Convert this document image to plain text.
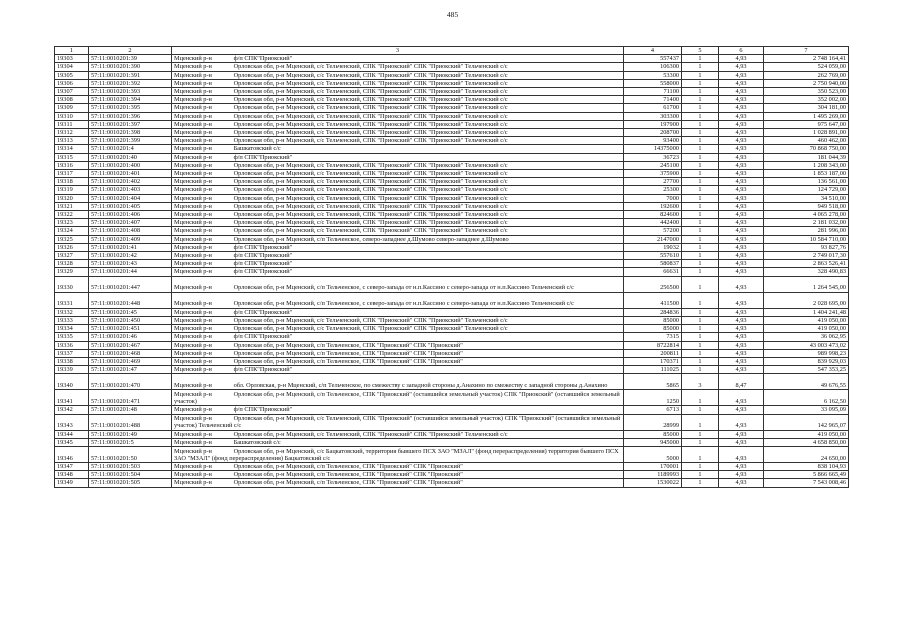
485
1	2	3	4	5	6	7
19303	57:11:0010201:39	Мценский р-н ф/п СПК"Приокский"	557437	1	4,93	2 748 164,41
19304	57:11:0010201:390	Мценский р-н Орловская обл, р-н Мценский, с/с Тельченский, СПК "Приокский" СПК "Приокский" Тельченский с/с	106300	1	4,93	524 059,00
19305	57:11:0010201:391	Мценский р-н Орловская обл, р-н Мценский, с/с Тельченский, СПК "Приокский" СПК "Приокский" Тельченский с/с	53300	1	4,93	262 769,00
19306	57:11:0010201:392	Мценский р-н Орловская обл, р-н Мценский, с/с Тельченский, СПК "Приокский" СПК "Приокский" Тельченский с/с	558000	1	4,93	2 750 940,00
19307	57:11:0010201:393	Мценский р-н Орловская обл, р-н Мценский, с/с Тельченский, СПК "Приокский" СПК "Приокский" Тельченский с/с	71100	1	4,93	350 523,00
19308	57:11:0010201:394	Мценский р-н Орловская обл, р-н Мценский, с/с Тельченский, СПК "Приокский" СПК "Приокский" Тельченский с/с	71400	1	4,93	352 002,00
19309	57:11:0010201:395	Мценский р-н Орловская обл, р-н Мценский, с/с Тельченский, СПК "Приокский" СПК "Приокский" Тельченский с/с	61700	1	4,93	304 181,00
19310	57:11:0010201:396	Мценский р-н Орловская обл, р-н Мценский, с/с Тельченский, СПК "Приокский" СПК "Приокский" Тельченский с/с	303300	1	4,93	1 495 269,00
19311	57:11:0010201:397	Мценский р-н Орловская обл, р-н Мценский, с/с Тельченский, СПК "Приокский" СПК "Приокский" Тельченский с/с	197900	1	4,93	975 647,00
19312	57:11:0010201:398	Мценский р-н Орловская обл, р-н Мценский, с/с Тельченский, СПК "Приокский" СПК "Приокский" Тельченский с/с	208700	1	4,93	1 028 891,00
19313	57:11:0010201:399	Мценский р-н Орловская обл, р-н Мценский, с/с Тельченский, СПК "Приокский" СПК "Приокский" Тельченский с/с	93400	1	4,93	460 462,00
19314	57:11:0010201:4	Мценский р-н Башкатовский с/с	14375000	1	4,93	70 868 750,00
19315	57:11:0010201:40	Мценский р-н ф/п СПК"Приокский"	36723	1	4,93	181 044,39
19316	57:11:0010201:400	Мценский р-н Орловская обл, р-н Мценский, с/с Тельченский, СПК "Приокский" СПК "Приокский" Тельченский с/с	245100	1	4,93	1 208 343,00
19317	57:11:0010201:401	Мценский р-н Орловская обл, р-н Мценский, с/с Тельченский, СПК "Приокский" СПК "Приокский" Тельченский с/с	375900	1	4,93	1 853 187,00
19318	57:11:0010201:402	Мценский р-н Орловская обл, р-н Мценский, с/с Тельченский, СПК "Приокский" СПК "Приокский" Тельченский с/с	27700	1	4,93	136 561,00
19319	57:11:0010201:403	Мценский р-н Орловская обл, р-н Мценский, с/с Тельченский, СПК "Приокский" СПК "Приокский" Тельченский с/с	25300	1	4,93	124 729,00
19320	57:11:0010201:404	Мценский р-н Орловская обл, р-н Мценский, с/с Тельченский, СПК "Приокский" СПК "Приокский" Тельченский с/с	7000	1	4,93	34 510,00
19321	57:11:0010201:405	Мценский р-н Орловская обл, р-н Мценский, с/с Тельченский, СПК "Приокский" СПК "Приокский" Тельченский с/с	192600	1	4,93	949 518,00
19322	57:11:0010201:406	Мценский р-н Орловская обл, р-н Мценский, с/с Тельченский, СПК "Приокский" СПК "Приокский" Тельченский с/с	824600	1	4,93	4 065 278,00
19323	57:11:0010201:407	Мценский р-н Орловская обл, р-н Мценский, с/с Тельченский, СПК "Приокский" СПК "Приокский" Тельченский с/с	442400	1	4,93	2 181 032,00
19324	57:11:0010201:408	Мценский р-н Орловская обл, р-н Мценский, с/с Тельченский, СПК "Приокский" СПК "Приокский" Тельченский с/с	57200	1	4,93	281 996,00
19325	57:11:0010201:409	Мценский р-н Орловская обл, р-н Мценский, с/п Тельченское, северо-западнее д.Шумово северо-западнее д.Шумово	2147000	1	4,93	10 584 710,00
19326	57:11:0010201:41	Мценский р-н ф/п СПК"Приокский"	19032	1	4,93	93 827,76
19327	57:11:0010201:42	Мценский р-н ф/п СПК"Приокский"	557610	1	4,93	2 749 017,30
19328	57:11:0010201:43	Мценский р-н ф/п СПК"Приокский"	580837	1	4,93	2 863 526,41
19329	57:11:0010201:44	Мценский р-н ф/п СПК"Приокский"	66631	1	4,93	328 490,83
19330	57:11:0010201:447	Мценский р-н Орловская обл, р-н Мценский, с/п Тельченское, с северо-запада от н.п.Кассино с северо-запада от н.п.Кассино Тельченский с/с	256500	1	4,93	1 264 545,00
19331	57:11:0010201:448	Мценский р-н Орловская обл, р-н Мценский, с/п Тельченское, с северо-запада от н.п.Кассино с северо-запада от н.п.Кассино Тельченский с/с	411500	1	4,93	2 028 695,00
19332	57:11:0010201:45	Мценский р-н ф/п СПК"Приокский"	284836	1	4,93	1 404 241,48
19333	57:11:0010201:450	Мценский р-н Орловская обл, р-н Мценский, с/с Тельченский, СПК "Приокский" СПК "Приокский" Тельченский с/с	85000	1	4,93	419 050,00
19334	57:11:0010201:451	Мценский р-н Орловская обл, р-н Мценский, с/с Тельченский, СПК "Приокский" СПК "Приокский" Тельченский с/с	85000	1	4,93	419 050,00
19335	57:11:0010201:46	Мценский р-н ф/п СПК"Приокский"	7315	1	4,93	36 062,95
19336	57:11:0010201:467	Мценский р-н Орловская обл, р-н Мценский, с/п Тельченское, СПК "Приокский" СПК "Приокский"	8722814	1	4,93	43 003 473,02
19337	57:11:0010201:468	Мценский р-н Орловская обл, р-н Мценский, с/п Тельченское, СПК "Приокский" СПК "Приокский"	200811	1	4,93	989 998,23
19338	57:11:0010201:469	Мценский р-н Орловская обл, р-н Мценский, с/п Тельченское, СПК "Приокский" СПК "Приокский"	170371	1	4,93	839 929,03
19339	57:11:0010201:47	Мценский р-н ф/п СПК"Приокский"	111025	1	4,93	547 353,25
19340	57:11:0010201:470	Мценский р-н обл. Орловская, р-н Мценский, с/п Тельченское, по смежеству с западной стороны д.Анахино по смежеству с западной стороны д.Анахино	5865	3	8,47	49 676,55
19341	57:11:0010201:471	Мценский р-н Орловская обл, р-н Мценский, с/п Тельченское, СПК "Приокский" (оставшийся земельный участок) СПК "Приокский" (оставшийся земельный участок)	1250	1	4,93	6 162,50
19342	57:11:0010201:48	Мценский р-н ф/п СПК"Приокский"	6713	1	4,93	33 095,09
19343	57:11:0010201:488	Мценский р-н Орловская обл, р-н Мценский, с/с Тельченский, СПК "Приокский" (оставшийся земельный участок) СПК "Приокский" (оставшийся земельный участок) Тельченский с/с	28999	1	4,93	142 965,07
19344	57:11:0010201:49	Мценский р-н Орловская обл, р-н Мценский, с/с Тельченский, СПК "Приокский" СПК "Приокский" Тельченский с/с	85000	1	4,93	419 050,00
19345	57:11:0010201:5	Мценский р-н Башкатовский с/с	945000	1	4,93	4 658 850,00
19346	57:11:0010201:50	Мценский р-н Орловская обл, р-н Мценский, с/с Бацкатовский, территория бывшего ПСХ ЗАО "МЗАЛ" (фонд перераспределения) территория бывшего ПСХ ЗАО "МЗАЛ" (фонд перераспределения) Бацкатовский с/с	5000	1	4,93	24 650,00
19347	57:11:0010201:503	Мценский р-н Орловская обл, р-н Мценский, с/п Тельченское, СПК "Приокский" СПК "Приокский"	170001	1	4,93	838 104,93
19348	57:11:0010201:504	Мценский р-н Орловская обл, р-н Мценский, с/п Тельченское, СПК "Приокский" СПК "Приокский"	1189993	1	4,93	5 866 665,49
19349	57:11:0010201:505	Мценский р-н Орловская обл, р-н Мценский, с/п Тельченское, СПК "Приокский" СПК "Приокский"	1530022	1	4,93	7 543 008,46
